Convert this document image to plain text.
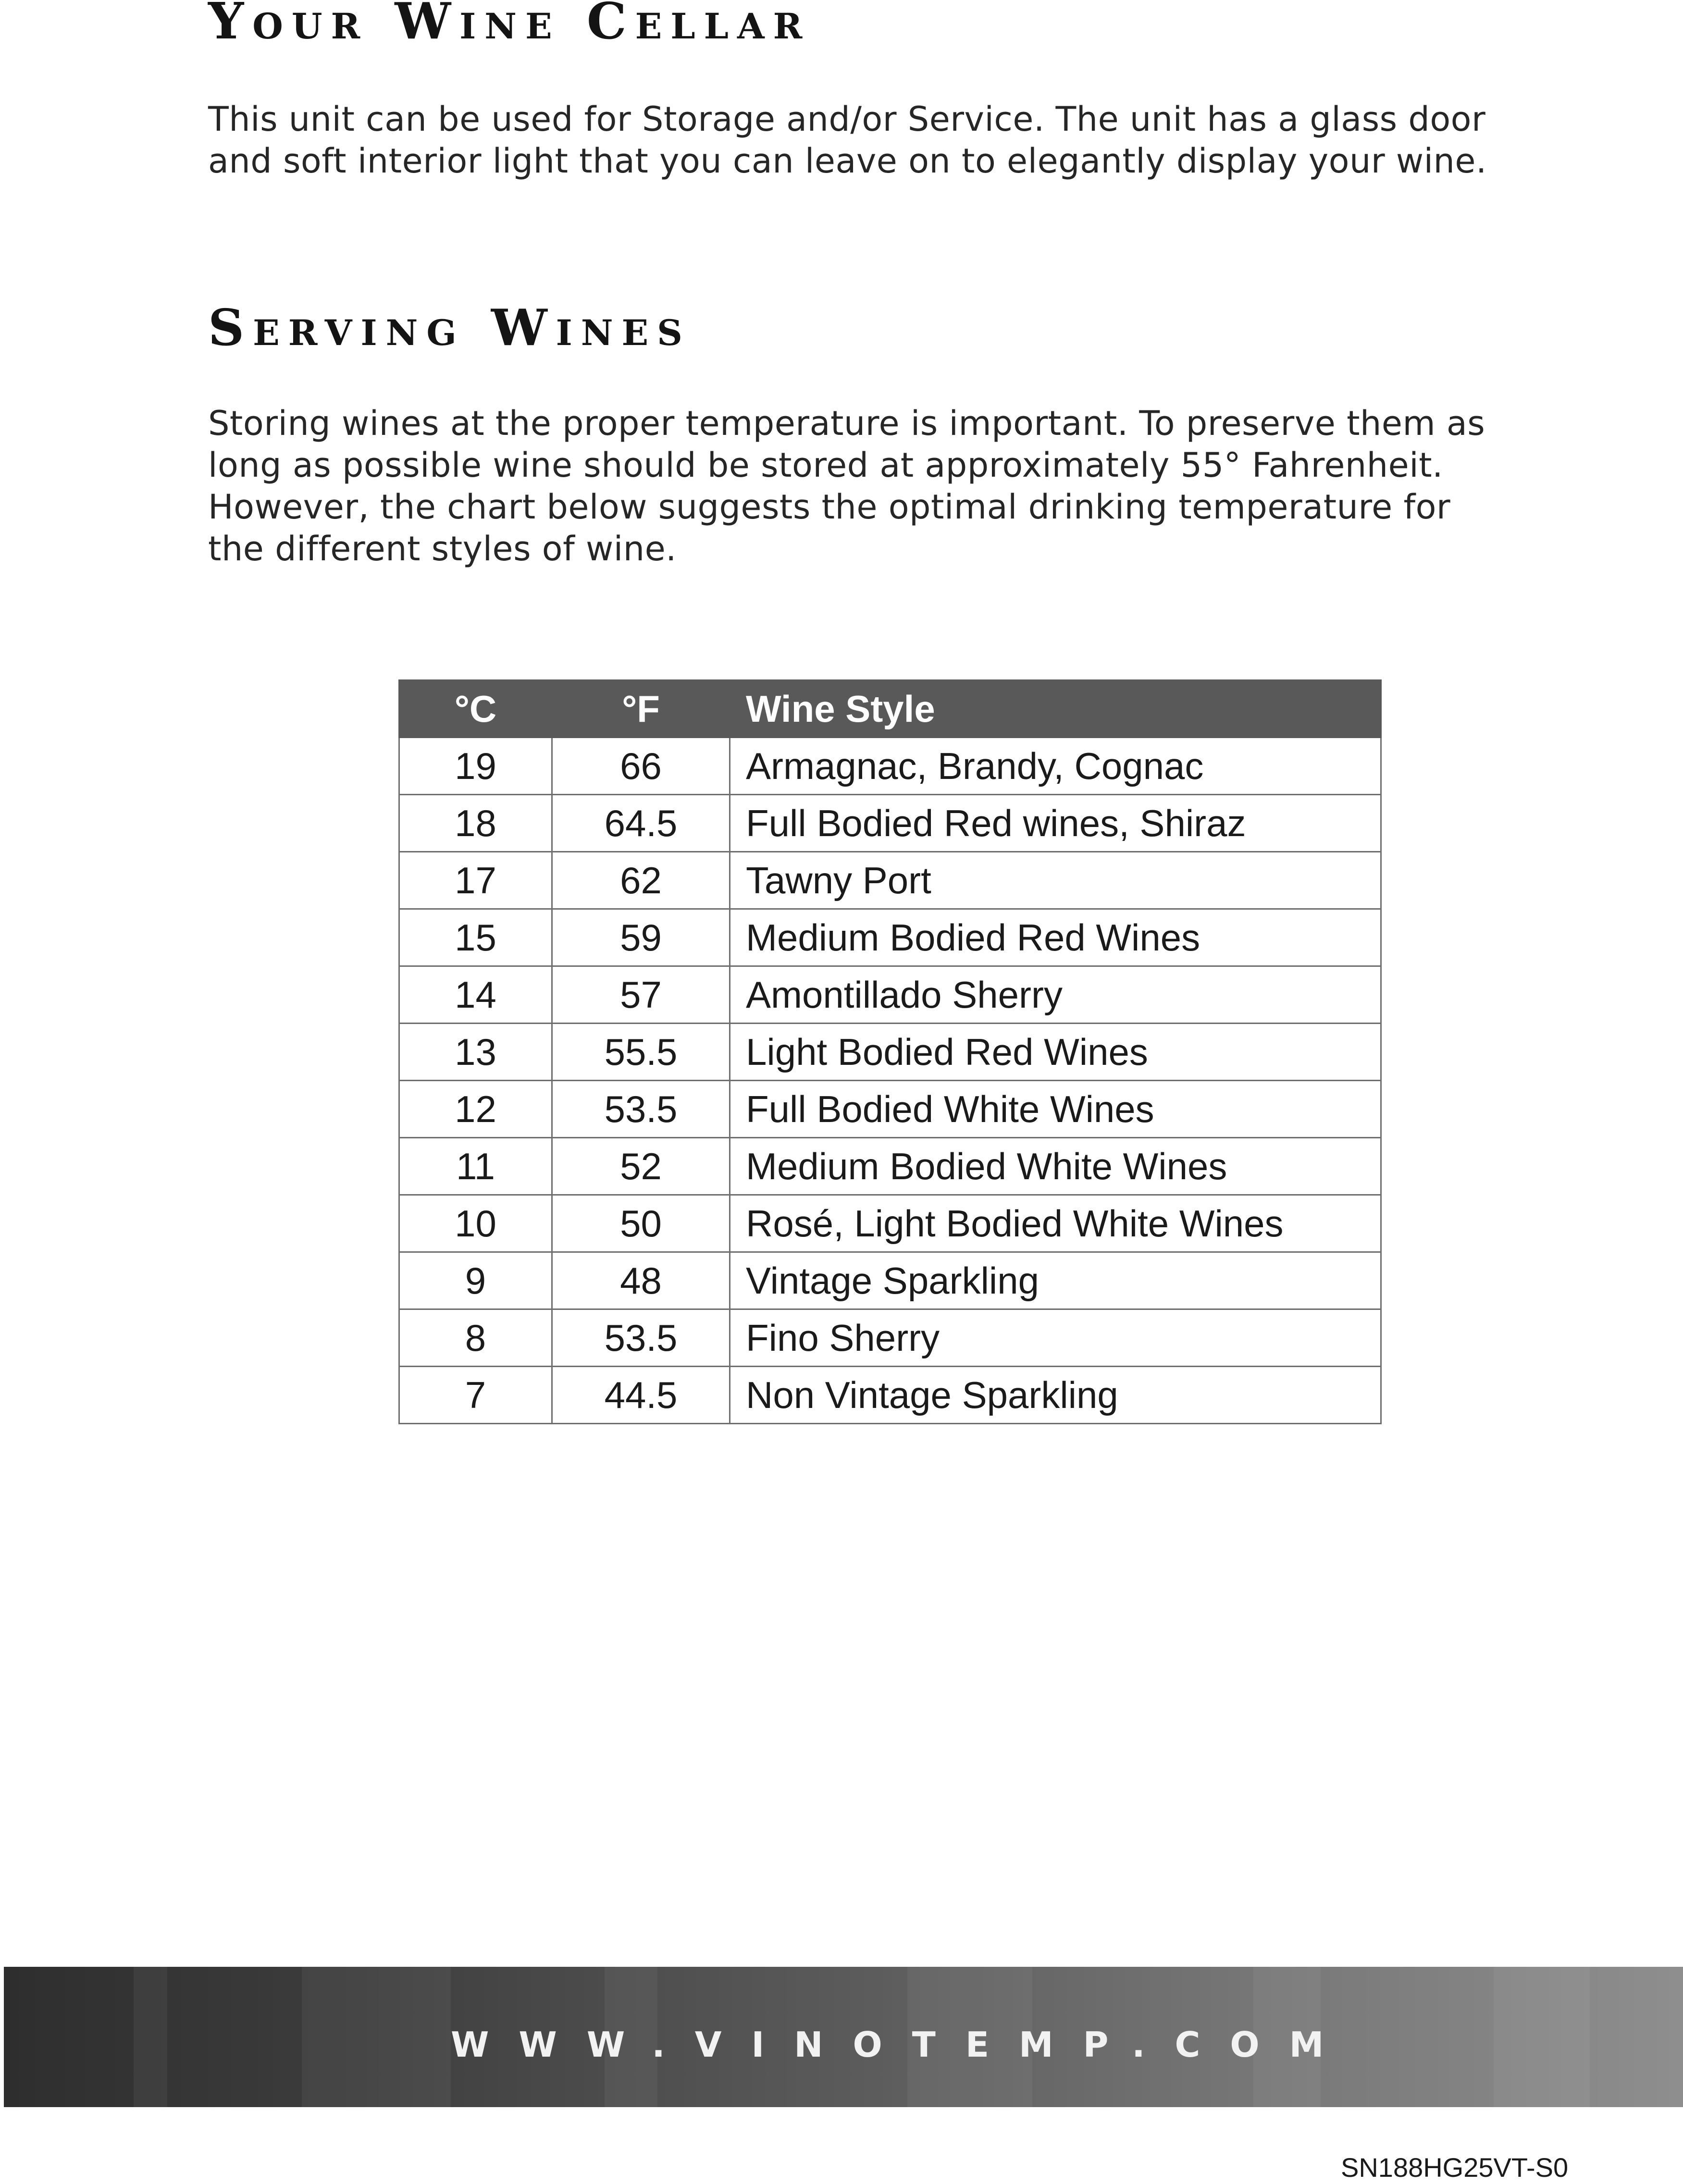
Your Wine Cellar

This unit can be used for Storage and/or Service. The unit has a glass door and soft interior light that you can leave on to elegantly display your wine.

Serving Wines

Storing wines at the proper temperature is important. To preserve them as long as possible wine should be stored at approximately 55° Fahrenheit. However, the chart below suggests the optimal drinking temperature for the different styles of wine.

°C	°F	Wine Style
19	66	Armagnac, Brandy, Cognac
18	64.5	Full Bodied Red wines, Shiraz
17	62	Tawny Port
15	59	Medium Bodied Red Wines
14	57	Amontillado Sherry
13	55.5	Light Bodied Red Wines
12	53.5	Full Bodied White Wines
11	52	Medium Bodied White Wines
10	50	Rosé, Light Bodied White Wines
9	48	Vintage Sparkling
8	53.5	Fino Sherry
7	44.5	Non Vintage Sparkling

WWW.VINOTEMP.COM

SN188HG25VT-S0
